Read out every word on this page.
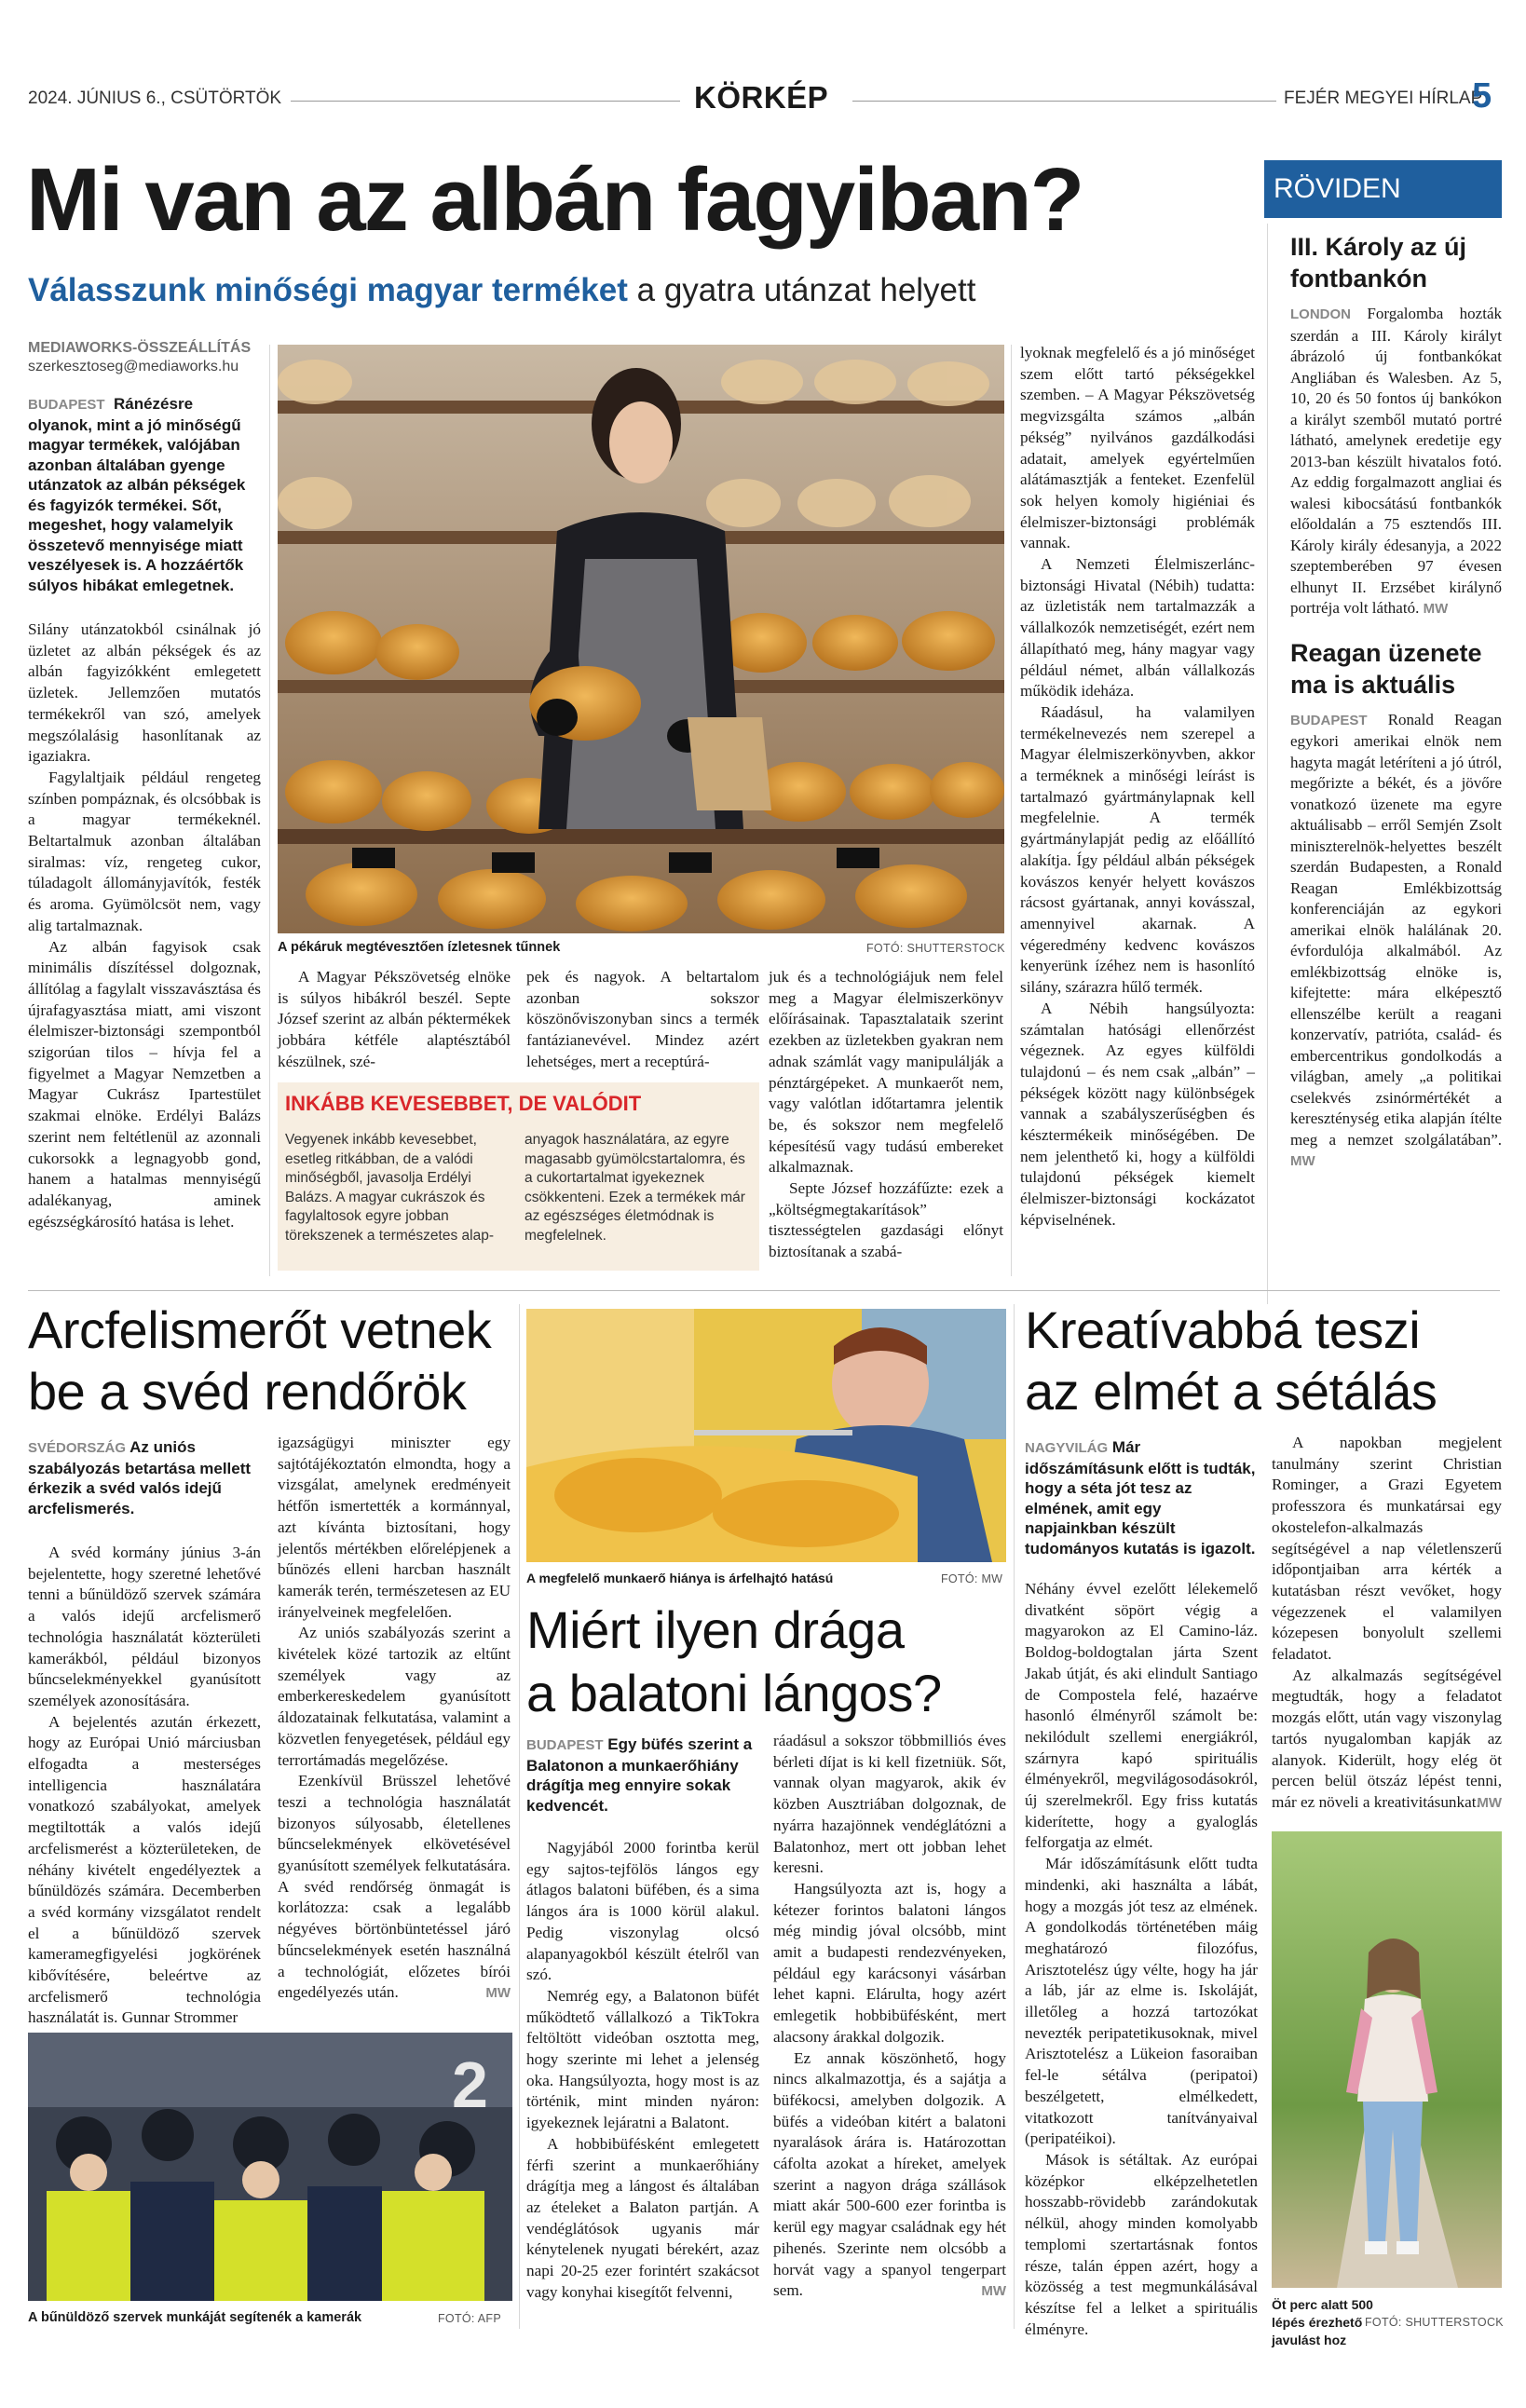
2024. JÚNIUS 6., CSÜTÖRTÖK	KÖRKÉP	FEJÉR MEGYEI HÍRLAP
5
Mi van az albán fagyiban?
Válasszunk minőségi magyar terméket a gyatra utánzat helyett
RÖVIDEN
III. Károly az új fontbankón

LONDON Forgalomba hozták szerdán a III. Károly királyt ábrázoló új fontbankókat Angliában és Walesben. Az 5, 10, 20 és 50 fontos új bankókon a királyt szemből mutató portré látható, amelynek eredetije egy 2013-ban készült hivatalos fotó. Az eddig forgalmazott angliai és walesi kibocsátású fontbankók előoldalán a 75 esztendős III. Károly király édesanyja, a 2022 szeptemberében 97 évesen elhunyt II. Erzsébet királynő portréja volt látható. MW

Reagan üzenete ma is aktuális

BUDAPEST Ronald Reagan egykori amerikai elnök nem hagyta magát letéríteni a jó útról, megőrizte a békét, és a jövőre vonatkozó üzenete ma egyre aktuálisabb – erről Semjén Zsolt miniszterelnök-helyettes beszélt szerdán Budapesten, a Ronald Reagan Emlékbizottság konferenciáján az egykori amerikai elnök halálának 20. évfordulója alkalmából. Az emlékbizottság elnöke is, kifejtette: mára elképesztő ellenszélbe került a reagani konzervatív, patrióta, család- és embercentrikus gondolkodás a világban, amely „a politikai cselekvés zsinórmértékét a kereszténység etika alapján ítélte meg a nemzet szolgálatában”. MW

MEDIAWORKS-ÖSSZEÁLLÍTÁS
szerkesztoseg@mediaworks.hu
BUDAPEST Ránézésre olyanok, mint a jó minőségű magyar termékek, valójában azonban általában gyenge utánzatok az albán pékségek és fagyizók termékei. Sőt, megeshet, hogy valamelyik összetevő mennyisége miatt veszélyesek is. A hozzáértők súlyos hibákat emlegetnek.

Silány utánzatokból csinálnak jó üzletet az albán pékségek és az albán fagyizókként emlegetett üzletek. Jellemzően mutatós termékekről van szó, amelyek megszólalásig hasonlítanak az igaziakra.

Fagylaltjaik például rengeteg színben pompáznak, és olcsóbbak is a magyar termékeknél. Beltartalmuk azonban általában siralmas: víz, rengeteg cukor, túladagolt állományjavítók, festék és aroma. Gyümölcsöt nem, vagy alig tartalmaznak.

Az albán fagyisok csak minimális díszítéssel dolgoznak, állítólag a fagylalt visszavásztása és újrafagyasztása miatt, ami viszont élelmiszer-biztonsági szempontból szigorúan tilos – hívja fel a figyelmet a Magyar Nemzetben a Magyar Cukrász Ipartestület szakmai elnöke. Erdélyi Balázs szerint nem feltétlenül az azonnali cukorsokk a legnagyobb gond, hanem a hatalmas mennyiségű adalékanyag, aminek egészségkárosító hatása is lehet.

A pékáruk megtévesztően ízletesnek tűnnek	FOTÓ: SHUTTERSTOCK

A Magyar Pékszövetség elnöke is súlyos hibákról beszél. Septe József szerint az albán péktermékek jobbára kétféle alaptésztából készülnek, szé-

pek és nagyok. A beltartalom azonban sokszor köszönőviszonyban sincs a termék fantázianevével. Mindez azért lehetséges, mert a receptúrá-

INKÁBB KEVESEBBET, DE VALÓDIT
Vegyenek inkább kevesebbet, esetleg ritkábban, de a valódi minőségből, javasolja Erdélyi Balázs. A magyar cukrászok és fagylaltosok egyre jobban törekszenek a természetes alap-
anyagok használatára, az egyre magasabb gyümölcstartalomra, és a cukortartalmat igyekeznek csökkenteni. Ezek a termékek már az egészséges életmódnak is megfelelnek.

juk és a technológiájuk nem felel meg a Magyar élelmiszerkönyv előírásainak. Tapasztalataik szerint ezekben az üzletekben gyakran nem adnak számlát vagy manipulálják a pénztárgépeket. A munkaerőt nem, vagy valótlan időtartamra jelentik be, és sokszor nem megfelelő képesítésű vagy tudású embereket alkalmaznak.

Septe József hozzáfűzte: ezek a „költségmegtakarítások” tisztességtelen gazdasági előnyt biztosítanak a szabá-

lyoknak megfelelő és a jó minőséget szem előtt tartó pékségekkel szemben. – A Magyar Pékszövetség megvizsgálta számos „albán pékség” nyilvános gazdálkodási adatait, amelyek egyértelműen alátámasztják a fenteket. Ezenfelül sok helyen komoly higiéniai és élelmiszer-biztonsági problémák vannak.

A Nemzeti Élelmiszerlánc-biztonsági Hivatal (Nébih) tudatta: az üzletisták nem tartalmazzák a vállalkozók nemzetiségét, ezért nem állapítható meg, hány magyar vagy például német, albán vállalkozás működik ideháza.

Ráadásul, ha valamilyen termékelnevezés nem szerepel a Magyar élelmiszerkönyvben, akkor a terméknek a minőségi leírást is tartalmazó gyártmánylapnak kell megfelelnie. A termék gyártmánylapját pedig az előállító alakítja. Így például albán pékségek kovászos kenyér helyett kovászos rácsost gyártanak, annyi kovásszal, amennyivel akarnak. A végeredmény kedvenc kovászos kenyerünk ízéhez nem is hasonlító silány, szárazra hűlő termék.

A Nébih hangsúlyozta: számtalan hatósági ellenőrzést végeznek. Az egyes külföldi tulajdonú – és nem csak „albán” – pékségek között nagy különbségek vannak a szabályszerűségben és késztermékeik minőségében. De nem jelenthető ki, hogy a külföldi tulajdonú pékségek kiemelt élelmiszer-biztonsági kockázatot képviselnének.

Arcfelismerőt vetnek
be a svéd rendőrök
SVÉDORSZÁG Az uniós szabályozás betartása mellett érkezik a svéd valós idejű arcfelismerés.

A svéd kormány június 3-án bejelentette, hogy szeretné lehetővé tenni a bűnüldöző szervek számára a valós idejű arcfelismerő technológia használatát közterületi kamerákból, például bizonyos bűncselekményekkel gyanúsított személyek azonosítására.

A bejelentés azután érkezett, hogy az Európai Unió márciusban elfogadta a mesterséges intelligencia használatára vonatkozó szabályokat, amelyek megtiltották a valós idejű arcfelismerést a közterületeken, de néhány kivételt engedélyeztek a bűnüldözés számára. Decemberben a svéd kormány vizsgálatot rendelt el a bűnüldöző szervek kameramegfigyelési jogkörének kibővítésére, beleértve az arcfelismerő technológia használatát is. Gunnar Strommer

igazságügyi miniszter egy sajtótájékoztatón elmondta, hogy a vizsgálat, amelynek eredményeit hétfőn ismertették a kormánnyal, azt kívánta biztosítani, hogy jelentős mértékben előrelépjenek a bűnözés elleni harcban használt kamerák terén, természetesen az EU irányelveinek megfelelően.

Az uniós szabályozás szerint a kivételek közé tartozik az eltűnt személyek vagy az emberkereskedelem gyanúsított áldozatainak felkutatása, valamint a közvetlen fenyegetések, például egy terrortámadás megelőzése.

Ezenkívül Brüsszel lehetővé teszi a technológia használatát bizonyos súlyosabb, életellenes bűncselekmények elkövetésével gyanúsított személyek felkutatására. A svéd rendőrség önmagát is korlátozza: csak a legalább négyéves börtönbüntetéssel járó bűncselekmények esetén használná a technológiát, előzetes bírói engedélyezés után.	MW
2
A bűnüldöző szervek munkáját segítenék a kamerák	FOTÓ: AFP
A megfelelő munkaerő hiánya is árfelhajtó hatású	FOTÓ: MW
Miért ilyen drága
a balatoni lángos?
BUDAPEST Egy büfés szerint a Balatonon a munkaerőhiány drágítja meg ennyire sokak kedvencét.

Nagyjából 2000 forintba kerül egy sajtos-tejfölös lángos egy átlagos balatoni büfében, és a sima lángos ára is 1000 körül alakul. Pedig viszonylag olcsó alapanyagokból készült ételről van szó.

Nemrég egy, a Balatonon büfét működtető vállalkozó a TikTokra feltöltött videóban osztotta meg, hogy szerinte mi lehet a jelenség oka. Hangsúlyozta, hogy most is az történik, mint minden nyáron: igyekeznek lejáratni a Balatont.

A hobbibüfésként emlegetett férfi szerint a munkaerőhiány drágítja meg a lángost és általában az ételeket a Balaton partján. A vendéglátósok ugyanis már kénytelenek nyugati bérekért, azaz napi 20-25 ezer forintért szakácsot vagy konyhai kisegítőt felvenni,

ráadásul a sokszor többmilliós éves bérleti díjat is ki kell fizetniük. Sőt, vannak olyan magyarok, akik év közben Ausztriában dolgoznak, de nyárra hazajönnek vendéglátózni a Balatonhoz, mert ott jobban lehet keresni.

Hangsúlyozta azt is, hogy a kétezer forintos balatoni lángos még mindig jóval olcsóbb, mint amit a budapesti rendezvényeken, például egy karácsonyi vásárban lehet kapni. Elárulta, hogy azért emlegetik hobbibüfésként, mert alacsony árakkal dolgozik.

Ez annak köszönhető, hogy nincs alkalmazottja, és a sajátja a büfékocsi, amelyben dolgozik. A büfés a videóban kitért a balatoni nyaralások árára is. Határozottan cáfolta azokat a híreket, amelyek szerint a nagyon drága szállások miatt akár 500-600 ezer forintba is kerül egy magyar családnak egy hét pihenés. Szerinte nem olcsóbb a horvát vagy a spanyol tengerpart sem.	MW
Kreatívabbá teszi
az elmét a sétálás
NAGYVILÁG Már időszámításunk előtt is tudták, hogy a séta jót tesz az elmének, amit egy napjainkban készült tudományos kutatás is igazolt.

Néhány évvel ezelőtt lélekemelő divatként söpört végig a magyarokon az El Camino-láz. Boldog-boldogtalan járta Szent Jakab útját, és aki elindult Santiago de Compostela felé, hazaérve hasonló élményről számolt be: nekilódult szellemi energiákról, szárnyra kapó spirituális élményekről, megvilágosodásokról, új szerelmekről. Egy friss kutatás kiderítette, hogy a gyaloglás felforgatja az elmét.

Már időszámításunk előtt tudta mindenki, aki használta a lábát, hogy a mozgás jót tesz az elmének. A gondolkodás történetében máig meghatározó filozófus, Arisztotelész úgy vélte, hogy ha jár a láb, jár az elme is. Iskoláját, illetőleg a hozzá tartozókat nevezték peripatetikusoknak, mivel Arisztotelész a Lükeion fasoraiban fel-le sétálva (peripatoi) beszélgetett, elmélkedett, vitatkozott tanítványaival (peripatéikoi).

Mások is sétáltak. Az európai középkor elképzelhetetlen hosszabb-rövidebb zarándokutak nélkül, ahogy minden komolyabb templomi szertartásnak fontos része, talán éppen azért, hogy a közösség a test megmunkálásával készítse fel a lelket a spirituális élményre.

A napokban megjelent tanulmány szerint Christian Rominger, a Grazi Egyetem professzora és munkatársai egy okostelefon-alkalmazás segítségével a nap véletlenszerű időpontjaiban arra kérték a kutatásban részt vevőket, hogy végezzenek el valamilyen kózepesen bonyolult szellemi feladatot.

Az alkalmazás segítségével megtudták, hogy a feladatot mozgás előtt, után vagy viszonylag tartós nyugalomban kapják az alanyok. Kiderült, hogy elég öt percen belül ötszáz lépést tenni, már ez növeli a kreativitásunkat.

MW
Öt perc alatt 500 lépés érezhető javulást hoz
FOTÓ: SHUTTERSTOCK
